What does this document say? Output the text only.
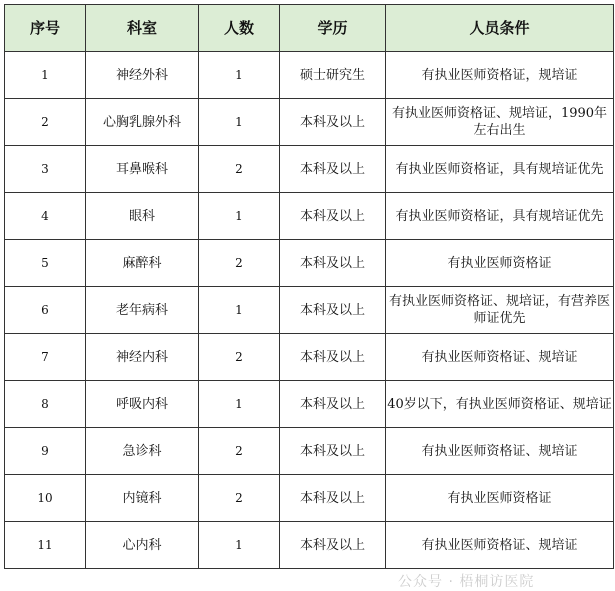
序号	科室	人数	学历	人员条件
1	神经外科	1	硕士研究生	有执业医师资格证，规培证
2	心胸乳腺外科	1	本科及以上	有执业医师资格证、规培证，1990年左右出生
3	耳鼻喉科	2	本科及以上	有执业医师资格证，具有规培证优先
4	眼科	1	本科及以上	有执业医师资格证，具有规培证优先
5	麻醉科	2	本科及以上	有执业医师资格证
6	老年病科	1	本科及以上	有执业医师资格证、规培证，有营养医师证优先
7	神经内科	2	本科及以上	有执业医师资格证、规培证
8	呼吸内科	1	本科及以上	40岁以下，有执业医师资格证、规培证
9	急诊科	2	本科及以上	有执业医师资格证、规培证
10	内镜科	2	本科及以上	有执业医师资格证
11	心内科	1	本科及以上	有执业医师资格证、规培证
公众号 · 梧桐访医院
